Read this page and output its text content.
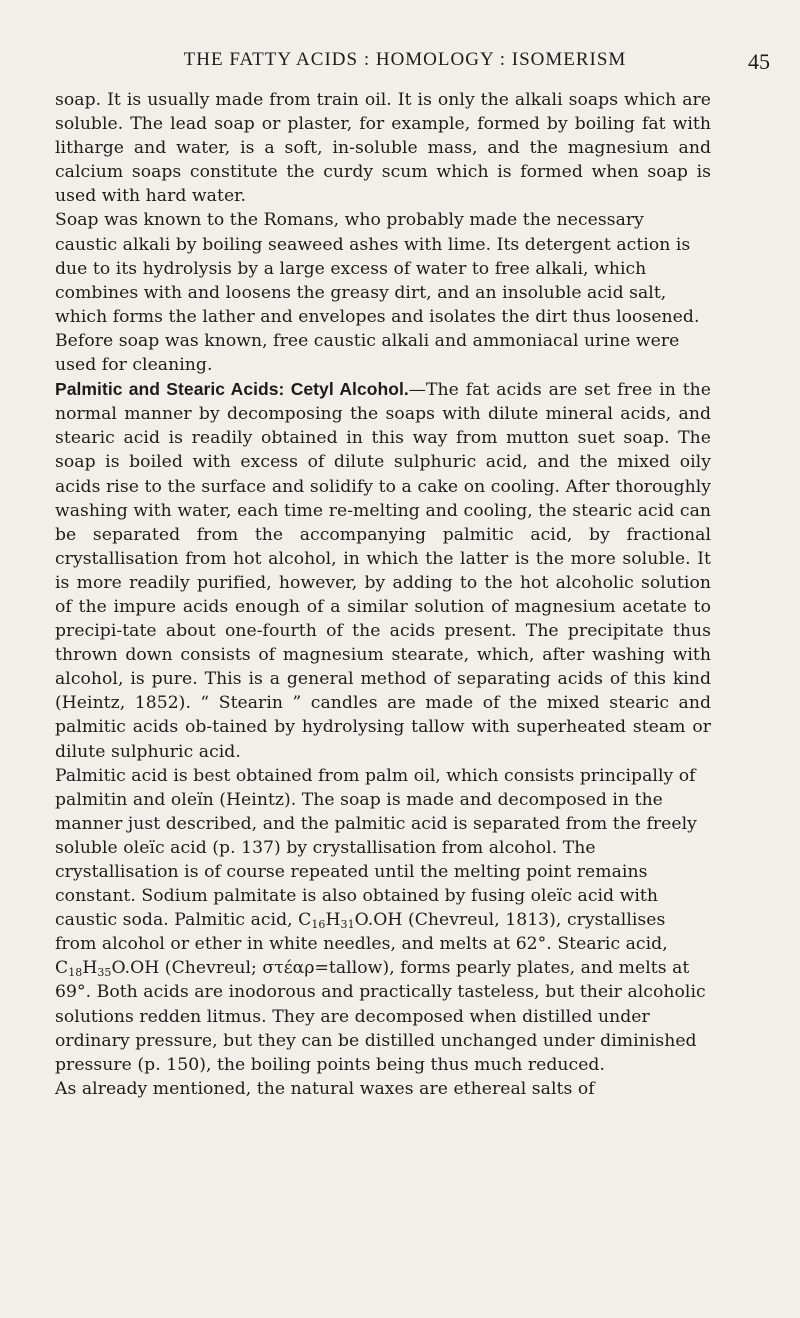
THE FATTY ACIDS : HOMOLOGY : ISOMERISM	45

soap. It is usually made from train oil. It is only the alkali soaps which are soluble. The lead soap or plaster, for example, formed by boiling fat with litharge and water, is a soft, in-soluble mass, and the magnesium and calcium soaps constitute the curdy scum which is formed when soap is used with hard water.

Soap was known to the Romans, who probably made the necessary caustic alkali by boiling seaweed ashes with lime. Its detergent action is due to its hydrolysis by a large excess of water to free alkali, which combines with and loosens the greasy dirt, and an insoluble acid salt, which forms the lather and envelopes and isolates the dirt thus loosened. Before soap was known, free caustic alkali and ammoniacal urine were used for cleaning.

Palmitic and Stearic Acids: Cetyl Alcohol.—The fat acids are set free in the normal manner by decomposing the soaps with dilute mineral acids, and stearic acid is readily obtained in this way from mutton suet soap. The soap is boiled with excess of dilute sulphuric acid, and the mixed oily acids rise to the surface and solidify to a cake on cooling. After thoroughly washing with water, each time re-melting and cooling, the stearic acid can be separated from the accompanying palmitic acid, by fractional crystallisation from hot alcohol, in which the latter is the more soluble. It is more readily purified, however, by adding to the hot alcoholic solution of the impure acids enough of a similar solution of magnesium acetate to precipi-tate about one-fourth of the acids present. The precipitate thus thrown down consists of magnesium stearate, which, after washing with alcohol, is pure. This is a general method of separating acids of this kind (Heintz, 1852). “ Stearin ” candles are made of the mixed stearic and palmitic acids ob-tained by hydrolysing tallow with superheated steam or dilute sulphuric acid.

Palmitic acid is best obtained from palm oil, which consists principally of palmitin and oleïn (Heintz). The soap is made and decomposed in the manner just described, and the palmitic acid is separated from the freely soluble oleïc acid (p. 137) by crystallisation from alcohol. The crystallisation is of course repeated until the melting point remains constant. Sodium palmitate is also obtained by fusing oleïc acid with caustic soda. Palmitic acid, $C_{16}H_{31}O.OH$ (Chevreul, 1813), crystallises from alcohol or ether in white needles, and melts at 62°. Stearic acid, $C_{18}H_{35}O.OH$ (Chevreul; στέαρ=tallow), forms pearly plates, and melts at 69°. Both acids are inodorous and practically tasteless, but their alcoholic solutions redden litmus. They are decomposed when distilled under ordinary pressure, but they can be distilled unchanged under diminished pressure (p. 150), the boiling points being thus much reduced.

As already mentioned, the natural waxes are ethereal salts of
